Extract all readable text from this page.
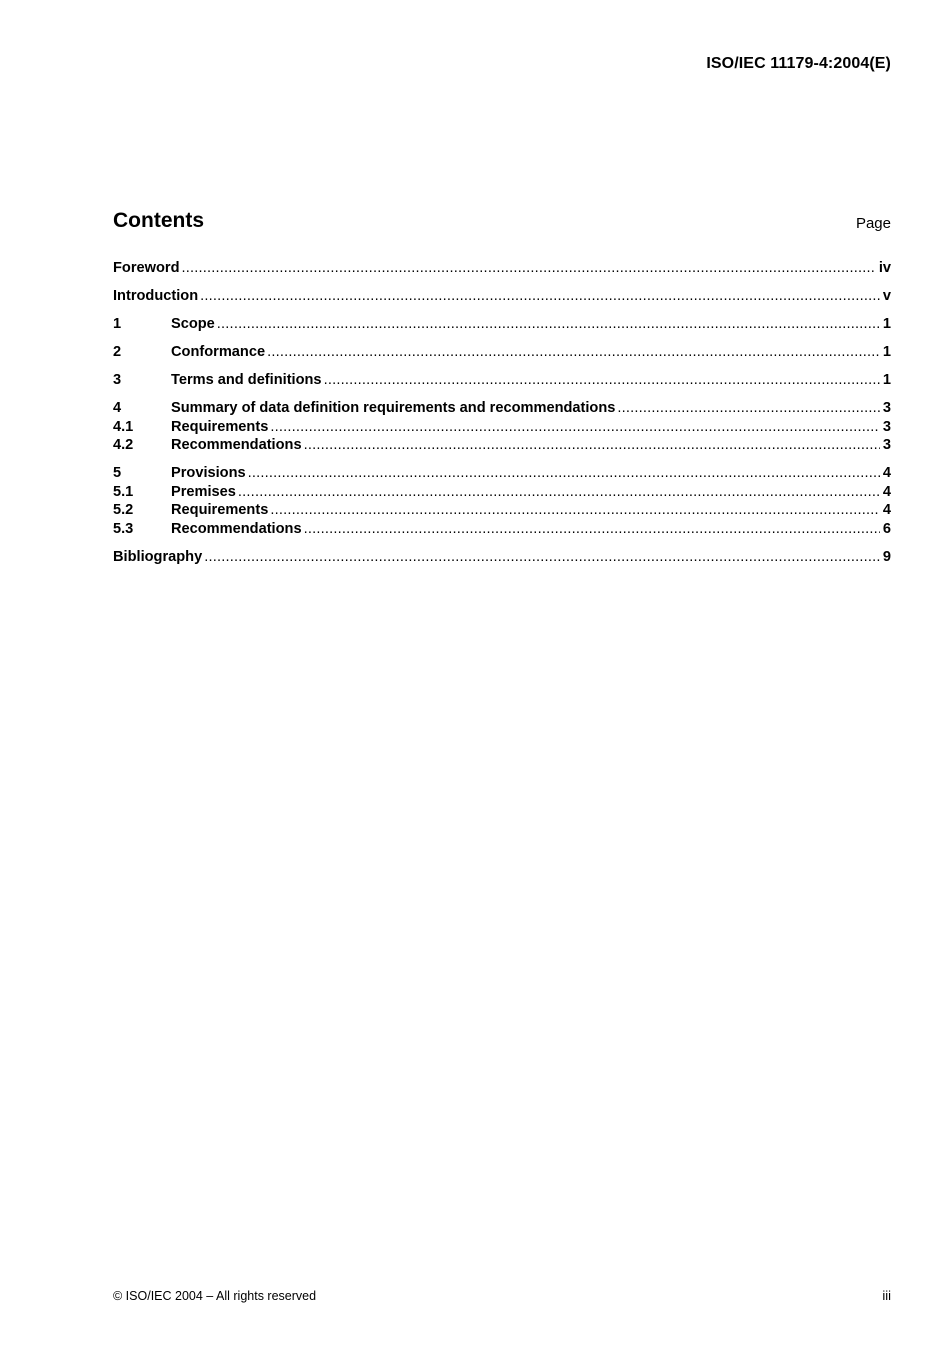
ISO/IEC 11179-4:2004(E)
Contents	Page
Foreword .....	iv
Introduction .....	v
1	Scope .....	1
2	Conformance .....	1
3	Terms and definitions .....	1
4	Summary of data definition requirements and recommendations .....	3
4.1	Requirements .....	3
4.2	Recommendations .....	3
5	Provisions .....	4
5.1	Premises .....	4
5.2	Requirements .....	4
5.3	Recommendations .....	6
Bibliography .....	9
© ISO/IEC 2004 – All rights reserved	iii
